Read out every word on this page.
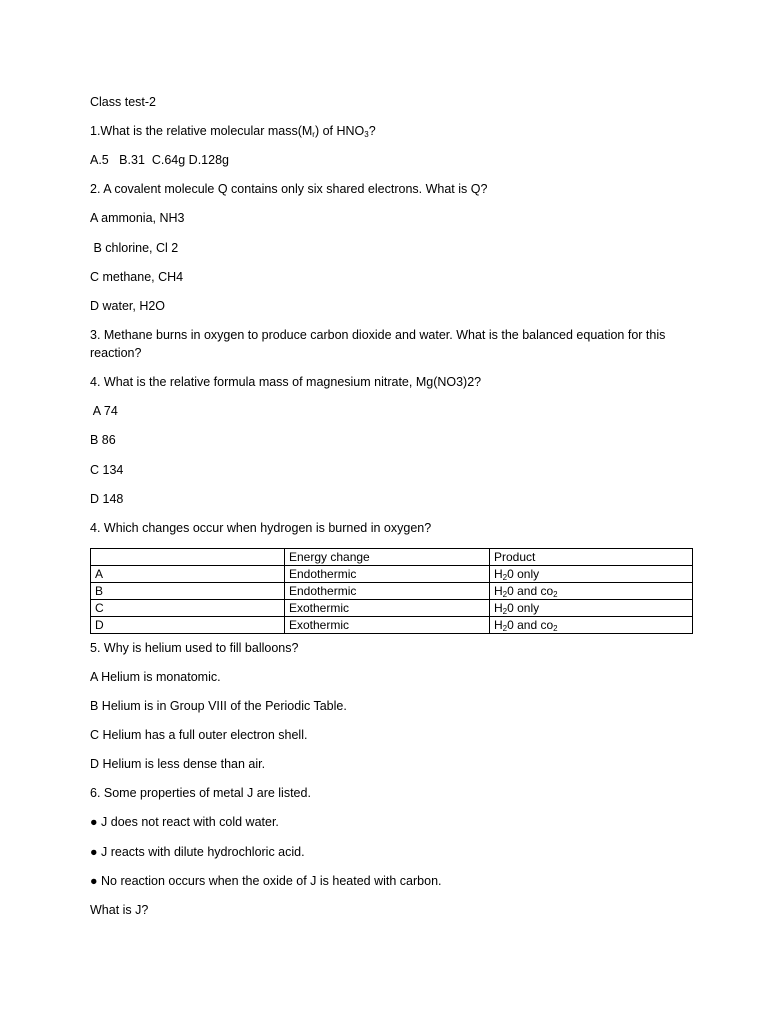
Class test-2
1.What is the relative molecular $mass(M_r)$ of $HNO_3$?
A.5   B.31  C.64g D.128g
2. A covalent molecule Q contains only six shared electrons. What is Q?
A ammonia, NH3
B chlorine, Cl 2
C methane, CH4
D water, H2O
3. Methane burns in oxygen to produce carbon dioxide and water. What is the balanced equation for this reaction?
4. What is the relative formula mass of magnesium nitrate, Mg(NO3)2?
A 74
B 86
C 134
D 148
4. Which changes occur when hydrogen is burned in oxygen?
	Energy change	Product
A	Endothermic	$H_20$ only
B	Endothermic	$H_20$ and $co_2$
C	Exothermic	$H_20$ only
D	Exothermic	$H_20$ and $co_2$
5. Why is helium used to fill balloons?
A Helium is monatomic.
B Helium is in Group VIII of the Periodic Table.
C Helium has a full outer electron shell.
D Helium is less dense than air.
6. Some properties of metal J are listed.
● J does not react with cold water.
● J reacts with dilute hydrochloric acid.
● No reaction occurs when the oxide of J is heated with carbon.
What is J?
